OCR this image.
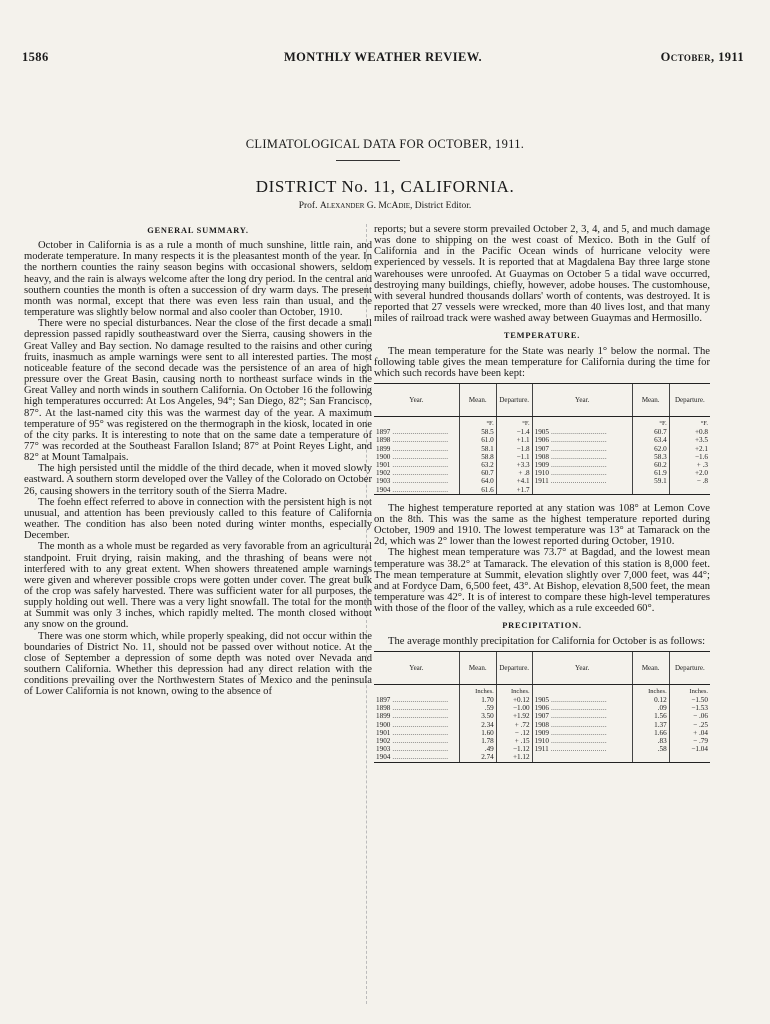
1586	MONTHLY WEATHER REVIEW.	October, 1911
CLIMATOLOGICAL DATA FOR OCTOBER, 1911.
DISTRICT No. 11, CALIFORNIA.
Prof. Alexander G. McAdie, District Editor.
GENERAL SUMMARY.

October in California is as a rule a month of much sunshine, little rain, and moderate temperature. In many respects it is the pleasantest month of the year. In the northern counties the rainy season begins with occasional showers, seldom heavy, and the rain is always welcome after the long dry period. In the central and southern counties the month is often a succession of dry warm days. The present month was normal, except that there was even less rain than usual, and the temperature was slightly below normal and also cooler than October, 1910.

There were no special disturbances. Near the close of the first decade a small depression passed rapidly southeastward over the Sierra, causing showers in the Great Valley and Bay section. No damage resulted to the raisins and other curing fruits, inasmuch as ample warnings were sent to all interested parties. The most noticeable feature of the second decade was the persistence of an area of high pressure over the Great Basin, causing north to northeast surface winds in the Great Valley and north winds in southern California. On October 16 the following high temperatures occurred: At Los Angeles, 94°; San Diego, 82°; San Francisco, 87°. At the last-named city this was the warmest day of the year. A maximum temperature of 95° was registered on the thermograph in the kiosk, located in one of the city parks. It is interesting to note that on the same date a temperature of 77° was recorded at the Southeast Farallon Island; 87° at Point Reyes Light, and 82° at Mount Tamalpais.

The high persisted until the middle of the third decade, when it moved slowly eastward. A southern storm developed over the Valley of the Colorado on October 26, causing showers in the territory south of the Sierra Madre.

The foehn effect referred to above in connection with the persistent high is not unusual, and attention has been previously called to this feature of California weather. The condition has also been noted during winter months, especially December.

The month as a whole must be regarded as very favorable from an agricultural standpoint. Fruit drying, raisin making, and the thrashing of beans were not interfered with to any great extent. When showers threatened ample warnings were given and wherever possible crops were gotten under cover. The great bulk of the crop was safely harvested. There was sufficient water for all purposes, the supply holding out well. There was a very light snowfall. The total for the month at Summit was only 3 inches, which rapidly melted. The month closed without any snow on the ground.

There was one storm which, while properly speaking, did not occur within the boundaries of District No. 11, should not be passed over without notice. At the close of September a depression of some depth was noted over Nevada and southern California. Whether this depression had any direct relation with the conditions prevailing over the Northwestern States of Mexico and the peninsula of Lower California is not known, owing to the absence of

reports; but a severe storm prevailed October 2, 3, 4, and 5, and much damage was done to shipping on the west coast of Mexico. Both in the Gulf of California and in the Pacific Ocean winds of hurricane velocity were experienced by vessels. It is reported that at Magdalena Bay three large stone warehouses were unroofed. At Guaymas on October 5 a tidal wave occurred, destroying many buildings, chiefly, however, adobe houses. The customhouse, with several hundred thousands dollars' worth of contents, was destroyed. It is reported that 27 vessels were wrecked, more than 40 lives lost, and that many miles of railroad track were washed away between Guaymas and Hermosillo.

TEMPERATURE.

The mean temperature for the State was nearly 1° below the normal. The following table gives the mean temperature for California during the time for which such records have been kept:

Year.	Mean.	Departure.	Year.	Mean.	Departure.
	°F.	°F.		°F.	°F.
1897 ............................	58.5	−1.4	1905 ............................	60.7	+0.8
1898 ............................	61.0	+1.1	1906 ............................	63.4	+3.5
1899 ............................	58.1	−1.8	1907 ............................	62.0	+2.1
1900 ............................	58.8	−1.1	1908 ............................	58.3	−1.6
1901 ............................	63.2	+3.3	1909 ............................	60.2	+ .3
1902 ............................	60.7	+ .8	1910 ............................	61.9	+2.0
1903 ............................	64.0	+4.1	1911 ............................	59.1	− .8
1904 ............................	61.6	+1.7			

The highest temperature reported at any station was 108° at Lemon Cove on the 8th. This was the same as the highest temperature reported during October, 1909 and 1910. The lowest temperature was 13° at Tamarack on the 2d, which was 2° lower than the lowest reported during October, 1910.

The highest mean temperature was 73.7° at Bagdad, and the lowest mean temperature was 38.2° at Tamarack. The elevation of this station is 8,000 feet. The mean temperature at Summit, elevation slightly over 7,000 feet, was 44°; and at Fordyce Dam, 6,500 feet, 43°. At Bishop, elevation 8,500 feet, the mean temperature was 42°. It is of interest to compare these high-level temperatures with those of the floor of the valley, which as a rule exceeded 60°.

PRECIPITATION.

The average monthly precipitation for California for October is as follows:

Year.	Mean.	Departure.	Year.	Mean.	Departure.
	Inches.	Inches.		Inches.	Inches.
1897 ............................	1.70	+0.12	1905 ............................	0.12	−1.50
1898 ............................	.59	−1.00	1906 ............................	.09	−1.53
1899 ............................	3.50	+1.92	1907 ............................	1.56	− .06
1900 ............................	2.34	+ .72	1908 ............................	1.37	− .25
1901 ............................	1.60	− .12	1909 ............................	1.66	+ .04
1902 ............................	1.78	+ .15	1910 ............................	.83	− .79
1903 ............................	.49	−1.12	1911 ............................	.58	−1.04
1904 ............................	2.74	+1.12			
